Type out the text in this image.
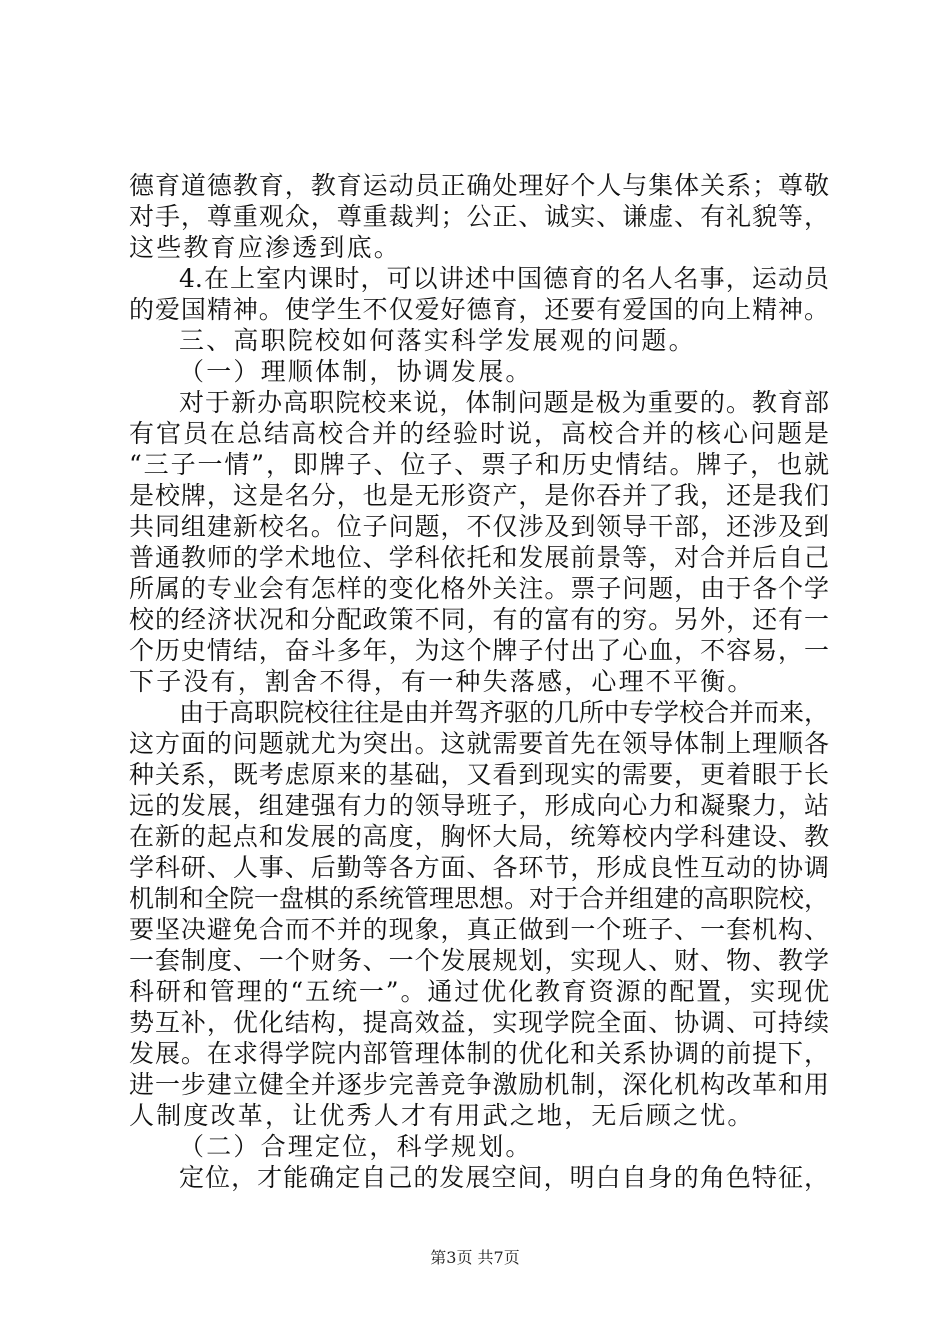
德育道德教育，教育运动员正确处理好个人与集体关系；尊敬
对手，尊重观众，尊重裁判；公正、诚实、谦虚、有礼貌等，
这些教育应渗透到底。
4.在上室内课时，可以讲述中国德育的名人名事，运动员
的爱国精神。使学生不仅爱好德育，还要有爱国的向上精神。
三、高职院校如何落实科学发展观的问题。
（一）理顺体制，协调发展。
对于新办高职院校来说，体制问题是极为重要的。教育部
有官员在总结高校合并的经验时说，高校合并的核心问题是
“三子一情”，即牌子、位子、票子和历史情结。牌子，也就
是校牌，这是名分，也是无形资产，是你吞并了我，还是我们
共同组建新校名。位子问题，不仅涉及到领导干部，还涉及到
普通教师的学术地位、学科依托和发展前景等，对合并后自己
所属的专业会有怎样的变化格外关注。票子问题，由于各个学
校的经济状况和分配政策不同，有的富有的穷。另外，还有一
个历史情结，奋斗多年，为这个牌子付出了心血，不容易，一
下子没有，割舍不得，有一种失落感，心理不平衡。
由于高职院校往往是由并驾齐驱的几所中专学校合并而来，
这方面的问题就尤为突出。这就需要首先在领导体制上理顺各
种关系，既考虑原来的基础，又看到现实的需要，更着眼于长
远的发展，组建强有力的领导班子，形成向心力和凝聚力，站
在新的起点和发展的高度，胸怀大局，统筹校内学科建设、教
学科研、人事、后勤等各方面、各环节，形成良性互动的协调
机制和全院一盘棋的系统管理思想。对于合并组建的高职院校，
要坚决避免合而不并的现象，真正做到一个班子、一套机构、
一套制度、一个财务、一个发展规划，实现人、财、物、教学
科研和管理的“五统一”。通过优化教育资源的配置，实现优
势互补，优化结构，提高效益，实现学院全面、协调、可持续
发展。在求得学院内部管理体制的优化和关系协调的前提下，
进一步建立健全并逐步完善竞争激励机制，深化机构改革和用
人制度改革，让优秀人才有用武之地，无后顾之忧。
（二）合理定位，科学规划。
定位，才能确定自己的发展空间，明白自身的角色特征，
第3页 共7页
